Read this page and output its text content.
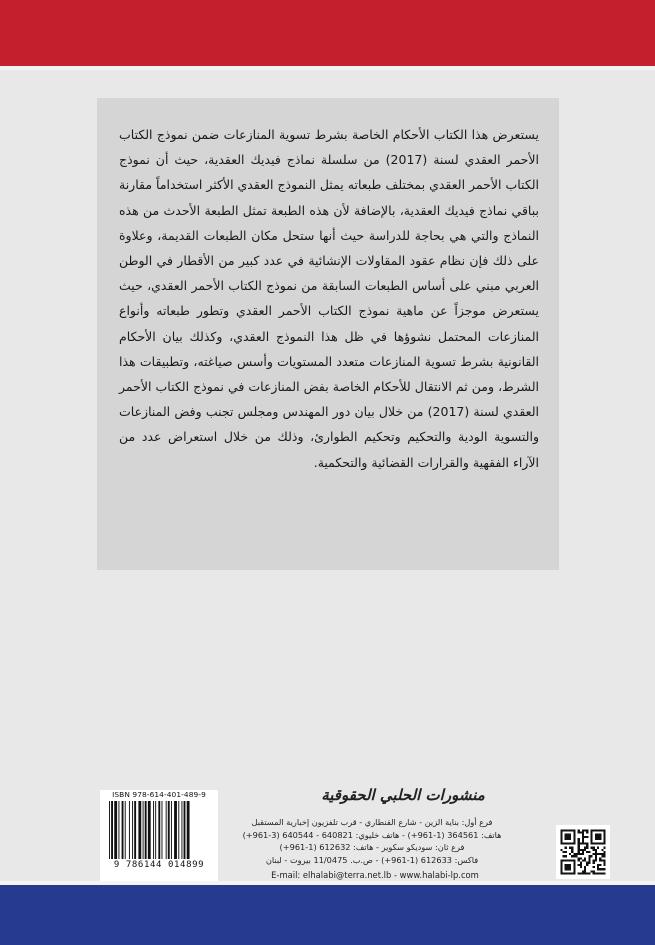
يستعرض هذا الكتاب الأحكام الخاصة بشرط تسوية المنازعات ضمن نموذج الكتاب الأحمر العقدي لسنة (2017) من سلسلة نماذج فيديك العقدية، حيث أن نموذج الكتاب الأحمر العقدي بمختلف طبعاته يمثل النموذج العقدي الأكثر استخداماً مقارنة بباقي نماذج فيديك العقدية، بالإضافة لأن هذه الطبعة تمثل الطبعة الأحدث من هذه النماذج والتي هي بحاجة للدراسة حيث أنها ستحل مكان الطبعات القديمة، وعلاوة على ذلك فإن نظام عقود المقاولات الإنشائية في عدد كبير من الأقطار في الوطن العربي مبني على أساس الطبعات السابقة من نموذج الكتاب الأحمر العقدي، حيث يستعرض موجزاً عن ماهية نموذج الكتاب الأحمر العقدي وتطور طبعاته وأنواع المنازعات المحتمل نشوؤها في ظل هذا النموذج العقدي، وكذلك بيان الأحكام القانونية بشرط تسوية المنازعات متعدد المستويات وأسس صياغته، وتطبيقات هذا الشرط، ومن ثم الانتقال للأحكام الخاصة بفض المنازعات في نموذج الكتاب الأحمر العقدي لسنة (2017) من خلال بيان دور المهندس ومجلس تجنب وفض المنازعات والتسوية الودية والتحكيم وتحكيم الطوارئ، وذلك من خلال استعراض عدد من الآراء الفقهية والقرارات القضائية والتحكمية.

منشورات الحلبي الحقوقية
فرع أول: بناية الزين - شارع القنطاري - قرب تلفزيون إخبارية المستقبل
هاتف: 364561 (1-961+) - هاتف خليوي: 640821 - 640544 (3-961+)
فرع ثان: سوديكو سكوير - هاتف: 612632 (1-961+)
فاكس: 612633 (1-961+) - ص.ب. 11/0475 بيروت - لبنان
E-mail: elhalabi@terra.net.lb - www.halabi-lp.com
ISBN 978-614-401-489-9
9 786144 014899
